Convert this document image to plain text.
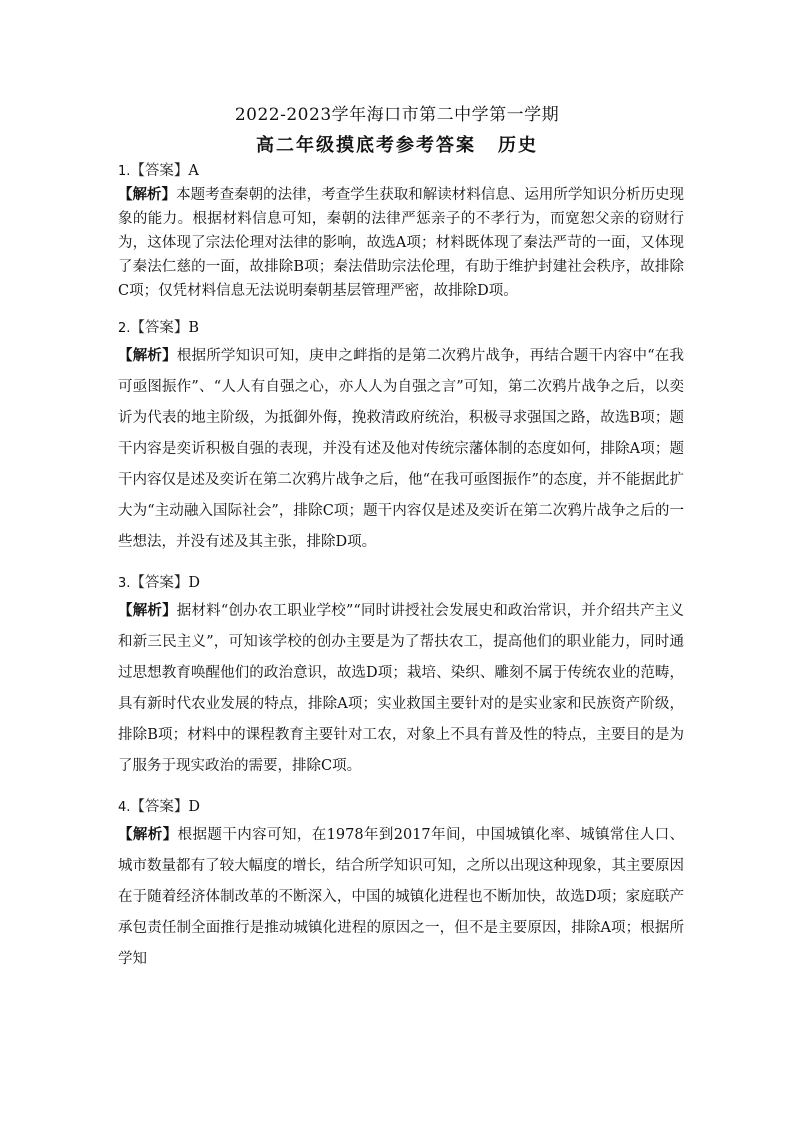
2022-2023学年海口市第二中学第一学期
高二年级摸底考参考答案 历史

1.【答案】A

【解析】本题考查秦朝的法律，考查学生获取和解读材料信息、运用所学知识分析历史现象的能力。根据材料信息可知，秦朝的法律严惩亲子的不孝行为，而宽恕父亲的窃财行为，这体现了宗法伦理对法律的影响，故选A项；材料既体现了秦法严苛的一面，又体现了秦法仁慈的一面，故排除B项；秦法借助宗法伦理，有助于维护封建社会秩序，故排除C项；仅凭材料信息无法说明秦朝基层管理严密，故排除D项。

2.【答案】B

【解析】根据所学知识可知，庚申之衅指的是第二次鸦片战争，再结合题干内容中“在我可亟图振作”、“人人有自强之心，亦人人为自强之言”可知，第二次鸦片战争之后，以奕䜣为代表的地主阶级，为抵御外侮，挽救清政府统治，积极寻求强国之路，故选B项；题干内容是奕䜣积极自强的表现，并没有述及他对传统宗藩体制的态度如何，排除A项；题干内容仅是述及奕䜣在第二次鸦片战争之后，他“在我可亟图振作”的态度，并不能据此扩大为“主动融入国际社会”，排除C项；题干内容仅是述及奕䜣在第二次鸦片战争之后的一些想法，并没有述及其主张，排除D项。

3.【答案】D

【解析】据材料“创办农工职业学校”“同时讲授社会发展史和政治常识，并介绍共产主义和新三民主义”，可知该学校的创办主要是为了帮扶农工，提高他们的职业能力，同时通过思想教育唤醒他们的政治意识，故选D项；栽培、染织、雕刻不属于传统农业的范畴，具有新时代农业发展的特点，排除A项；实业救国主要针对的是实业家和民族资产阶级，排除B项；材料中的课程教育主要针对工农，对象上不具有普及性的特点，主要目的是为了服务于现实政治的需要，排除C项。

4.【答案】D

【解析】根据题干内容可知，在1978年到2017年间，中国城镇化率、城镇常住人口、城市数量都有了较大幅度的增长，结合所学知识可知，之所以出现这种现象，其主要原因在于随着经济体制改革的不断深入，中国的城镇化进程也不断加快，故选D项；家庭联产承包责任制全面推行是推动城镇化进程的原因之一，但不是主要原因，排除A项；根据所学知
